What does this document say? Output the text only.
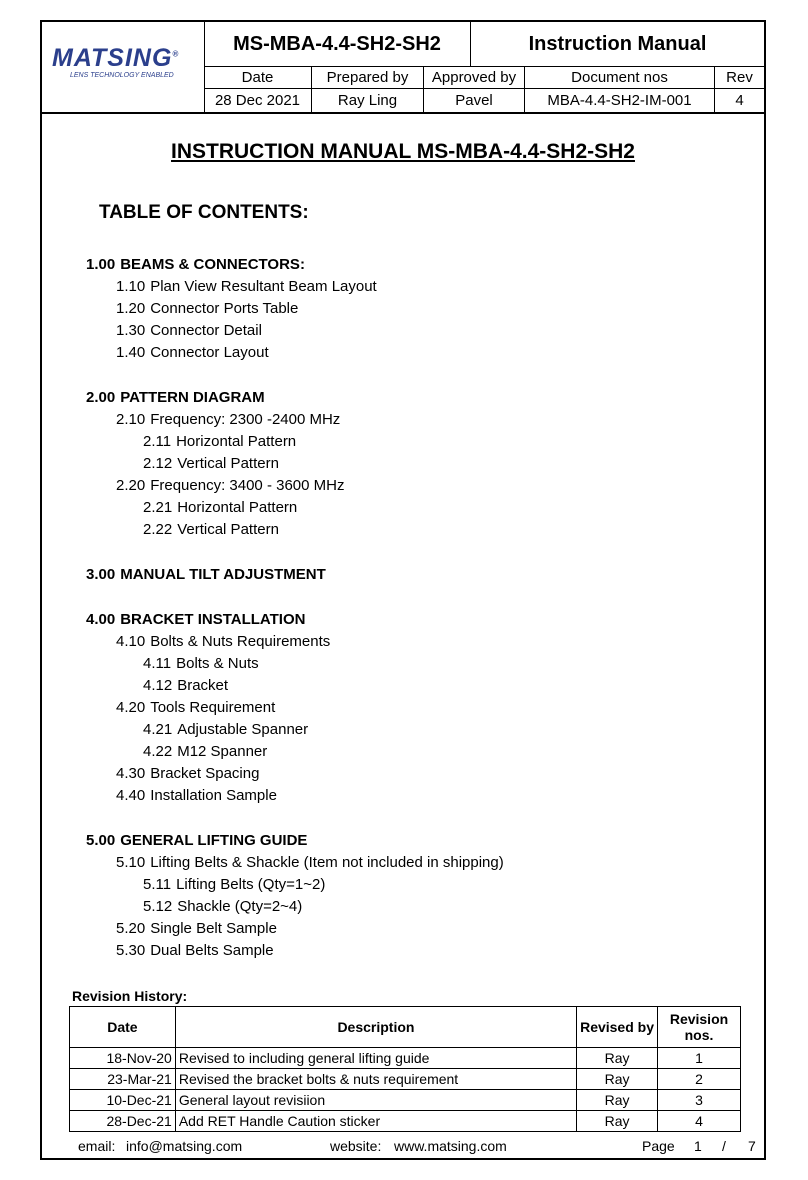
MATSING®
LENS TECHNOLOGY ENABLED
MS-MBA-4.4-SH2-SH2	Instruction Manual
Date	Prepared by	Approved by	Document nos	Rev
28 Dec 2021	Ray Ling	Pavel	MBA-4.4-SH2-IM-001	4
INSTRUCTION MANUAL MS-MBA-4.4-SH2-SH2
TABLE OF CONTENTS:
1.00 BEAMS & CONNECTORS:
1.10 Plan View Resultant Beam Layout
1.20 Connector Ports Table
1.30 Connector Detail
1.40 Connector Layout
2.00 PATTERN DIAGRAM
2.10 Frequency: 2300 -2400 MHz
2.11 Horizontal Pattern
2.12 Vertical Pattern
2.20 Frequency: 3400 - 3600 MHz
2.21 Horizontal Pattern
2.22 Vertical Pattern
3.00 MANUAL TILT ADJUSTMENT
4.00 BRACKET INSTALLATION
4.10 Bolts & Nuts Requirements
4.11 Bolts & Nuts
4.12 Bracket
4.20 Tools Requirement
4.21 Adjustable Spanner
4.22 M12 Spanner
4.30 Bracket Spacing
4.40 Installation Sample
5.00 GENERAL LIFTING GUIDE
5.10 Lifting Belts & Shackle (Item not included in shipping)
5.11 Lifting Belts (Qty=1~2)
5.12 Shackle (Qty=2~4)
5.20 Single Belt Sample
5.30 Dual Belts Sample
Revision History:
Date	Description	Revised by	Revision nos.
18-Nov-20	Revised to including general lifting guide	Ray	1
23-Mar-21	Revised the bracket bolts & nuts requirement	Ray	2
10-Dec-21	General layout revisiion	Ray	3
28-Dec-21	Add RET Handle Caution sticker	Ray	4
email: info@matsing.com	website: www.matsing.com	Page 1 / 7
